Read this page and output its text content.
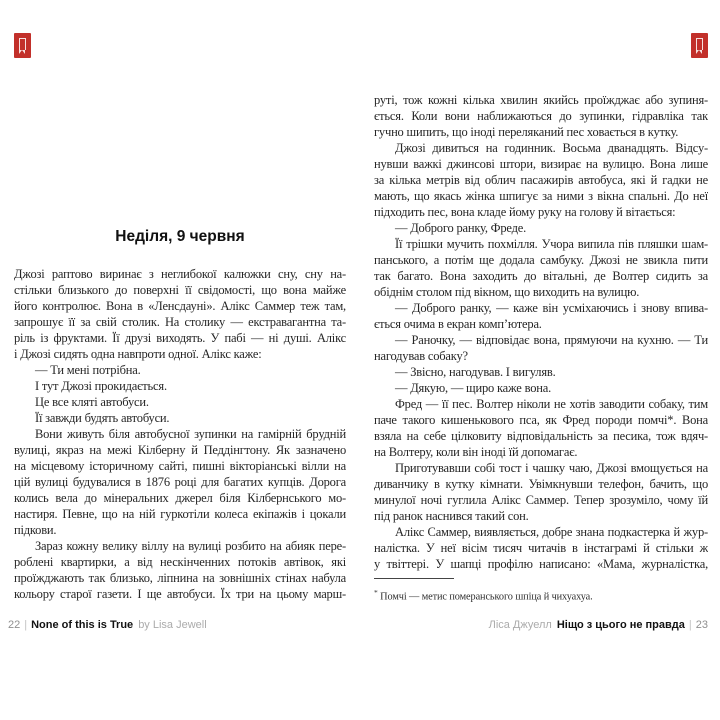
Неділя, 9 червня
Джозі раптово виринає з неглибокої калюжки сну, сну на-
стільки близького до поверхні її свідомості, що вона майже
його контролює. Вона в «Ленсдауні». Алікс Саммер теж там,
запрошує її за свій столик. На столику — екстравагантна та-
ріль із фруктами. Її друзі виходять. У пабі — ні душі. Алікс
і Джозі сидять одна навпроти одної. Алікс каже:
— Ти мені потрібна.
І тут Джозі прокидається.
Це все кляті автобуси.
Її завжди будять автобуси.
Вони живуть біля автобусної зупинки на гамірній брудній
вулиці, якраз на межі Кілберну й Педдінгтону. Як зазначено
на місцевому історичному сайті, пишні вікторіанські вілли на
цій вулиці будувалися в 1876 році для багатих купців. Дорога
колись вела до мінеральних джерел біля Кілбернського мо-
настиря. Певне, що на ній гуркотіли колеса екіпажів і цокали
підкови.
Зараз кожну велику віллу на вулиці розбито на абияк пере-
роблені квартирки, а від нескінченних потоків автівок, які
проїжджають так близько, ліпнина на зовнішніх стінах набула
кольору старої газети. І ще автобуси. Їх три на цьому марш-
22 | None of this is True by Lisa Jewell
руті, тож кожні кілька хвилин якийсь проїжджає або зупиня-
ється. Коли вони наближаються до зупинки, гідравліка так
гучно шипить, що іноді переляканий пес ховається в кутку.
Джозі дивиться на годинник. Восьма дванадцять. Відсу-
нувши важкі джинсові штори, визирає на вулицю. Вона лише
за кілька метрів від облич пасажирів автобуса, які й гадки не
мають, що якась жінка шпигує за ними з вікна спальні. До неї
підходить пес, вона кладе йому руку на голову й вітається:
— Доброго ранку, Фреде.
Її трішки мучить похмілля. Учора випила пів пляшки шам-
панського, а потім ще додала самбуку. Джозі не звикла пити
так багато. Вона заходить до вітальні, де Волтер сидить за
обіднім столом під вікном, що виходить на вулицю.
— Доброго ранку, — каже він усміхаючись і знову впива-
ється очима в екран комп’ютера.
— Раночку, — відповідає вона, прямуючи на кухню. — Ти
нагодував собаку?
— Звісно, нагодував. І вигуляв.
— Дякую, — щиро каже вона.
Фред — її пес. Волтер ніколи не хотів заводити собаку, тим
паче такого кишенькового пса, як Фред породи помчі*. Вона
взяла на себе цілковиту відповідальність за песика, тож вдяч-
на Волтеру, коли він іноді їй допомагає.
Приготувавши собі тост і чашку чаю, Джозі вмощується на
диванчику в кутку кімнати. Увімкнувши телефон, бачить, що
минулої ночі гуглила Алікс Саммер. Тепер зрозуміло, чому їй
під ранок наснився такий сон.
Алікс Саммер, виявляється, добре знана подкастерка й жур-
налістка. У неї вісім тисяч читачів в інстаграмі й стільки ж
у твіттері. У шапці профілю написано: «Мама, журналістка,
* Помчі — метис померанського шпіца й чихуахуа.
Ліса Джуелл Ніщо з цього не правда | 23
